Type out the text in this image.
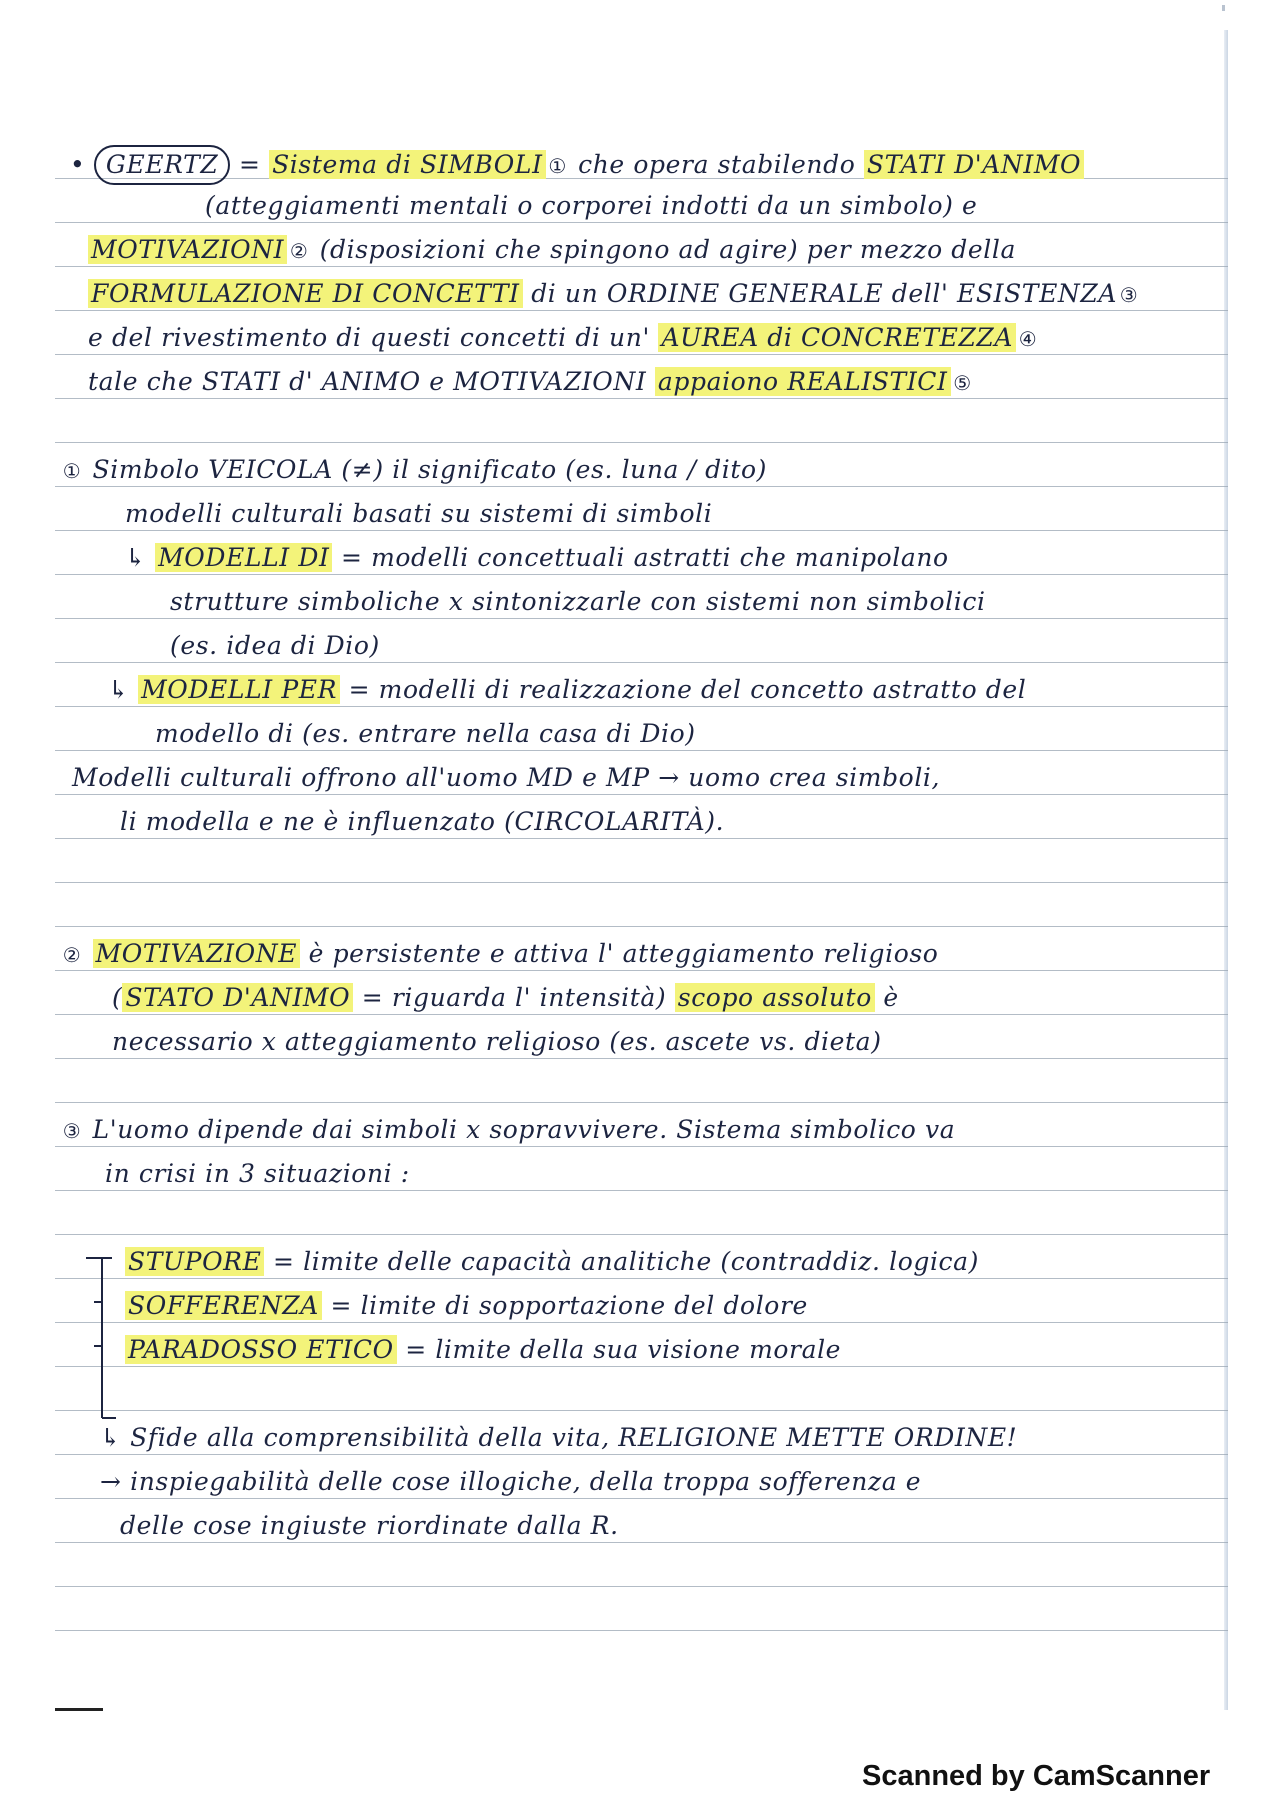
• GEERTZ = Sistema di SIMBOLI ① che opera stabilendo STATI D'ANIMO
(atteggiamenti mentali o corporei indotti da un simbolo) e
MOTIVAZIONI ② (disposizioni che spingono ad agire) per mezzo della
FORMULAZIONE DI CONCETTI di un ORDINE GENERALE dell' ESISTENZA ③
e del rivestimento di questi concetti di un' AUREA di CONCRETEZZA ④
tale che STATI d' ANIMO e MOTIVAZIONI appaiono REALISTICI ⑤
① Simbolo VEICOLA (≠) il significato (es. luna / dito)
modelli culturali basati su sistemi di simboli
↳ MODELLI DI = modelli concettuali astratti che manipolano
strutture simboliche x sintonizzarle con sistemi non simbolici
(es. idea di Dio)
↳ MODELLI PER = modelli di realizzazione del concetto astratto del
modello di (es. entrare nella casa di Dio)
Modelli culturali offrono all'uomo MD e MP → uomo crea simboli,
li modella e ne è influenzato (CIRCOLARITÀ).
② MOTIVAZIONE è persistente e attiva l' atteggiamento religioso
( STATO D'ANIMO = riguarda l' intensità) scopo assoluto è
necessario x atteggiamento religioso (es. ascete vs. dieta)
③ L'uomo dipende dai simboli x sopravvivere. Sistema simbolico va
in crisi in 3 situazioni :
STUPORE = limite delle capacità analitiche (contraddiz. logica)
SOFFERENZA = limite di sopportazione del dolore
PARADOSSO ETICO = limite della sua visione morale
↳ Sfide alla comprensibilità della vita, RELIGIONE METTE ORDINE!
→ inspiegabilità delle cose illogiche, della troppa sofferenza e
delle cose ingiuste riordinate dalla R.
Scanned by CamScanner
